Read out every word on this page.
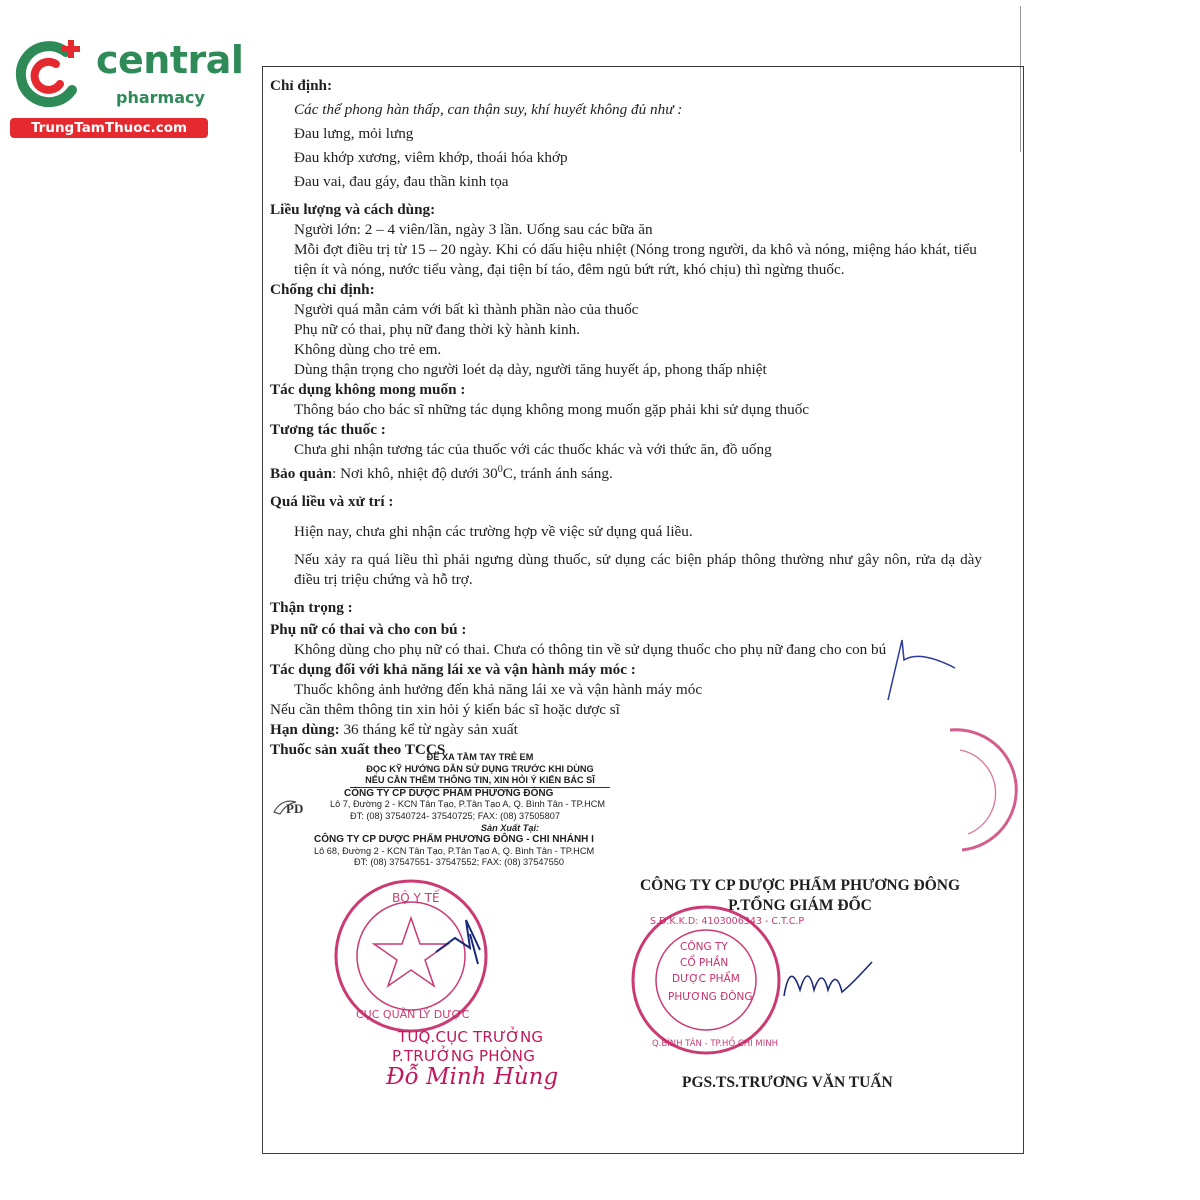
central
pharmacy
TrungTamThuoc.com
Chỉ định:
Các thể phong hàn thấp, can thận suy, khí huyết không đủ như :
Đau lưng, mỏi lưng
Đau khớp xương, viêm khớp, thoái hóa khớp
Đau vai, đau gáy, đau thần kinh tọa
Liều lượng và cách dùng:
Người lớn: 2 – 4 viên/lần, ngày 3 lần. Uống sau các bữa ăn
Mỗi đợt điều trị từ 15 – 20 ngày. Khi có dấu hiệu nhiệt (Nóng trong người, da khô và nóng, miệng háo khát, tiểu tiện ít và nóng, nước tiểu vàng, đại tiện bí táo, đêm ngủ bứt rứt, khó chịu) thì ngừng thuốc.
Chống chỉ định:
Người quá mẫn cảm với bất kì thành phần nào của thuốc
Phụ nữ có thai, phụ nữ đang thời kỳ hành kinh.
Không dùng cho trẻ em.
Dùng thận trọng cho người loét dạ dày, người tăng huyết áp, phong thấp nhiệt
Tác dụng không mong muốn :
Thông báo cho bác sĩ những tác dụng không mong muốn gặp phải khi sử dụng thuốc
Tương tác thuốc :
Chưa ghi nhận tương tác của thuốc với các thuốc khác và với thức ăn, đồ uống
Bảo quản: Nơi khô, nhiệt độ dưới $30^0C$, tránh ánh sáng.
Quá liều và xử trí :
Hiện nay, chưa ghi nhận các trường hợp về việc sử dụng quá liều.
Nếu xảy ra quá liều thì phải ngưng dùng thuốc, sử dụng các biện pháp thông thường như gây nôn, rửa dạ dày điều trị triệu chứng và hỗ trợ.
Thận trọng :
Phụ nữ có thai và cho con bú :
Không dùng cho phụ nữ có thai. Chưa có thông tin về sử dụng thuốc cho phụ nữ đang cho con bú
Tác dụng đối với khả năng lái xe và vận hành máy móc :
Thuốc không ảnh hưởng đến khả năng lái xe và vận hành máy móc
Nếu cần thêm thông tin xin hỏi ý kiến bác sĩ hoặc dược sĩ
Hạn dùng: 36 tháng kể từ ngày sản xuất
Thuốc sản xuất theo TCCS
PD
ĐỂ XA TẦM TAY TRẺ EM
ĐỌC KỸ HƯỚNG DẪN SỬ DỤNG TRƯỚC KHI DÙNG
NẾU CẦN THÊM THÔNG TIN, XIN HỎI Ý KIẾN BÁC SĨ
CÔNG TY CP DƯỢC PHẨM PHƯƠNG ĐÔNG
Lô 7, Đường 2 - KCN Tân Tạo, P.Tân Tạo A, Q. Bình Tân - TP.HCM
ĐT: (08) 37540724- 37540725; FAX: (08) 37505807
Sản Xuất Tại:
CÔNG TY CP DƯỢC PHẨM PHƯƠNG ĐÔNG - CHI NHÁNH I
Lô 68, Đường 2 - KCN Tân Tạo, P.Tân Tạo A, Q. Bình Tân - TP.HCM
ĐT: (08) 37547551- 37547552; FAX: (08) 37547550
CÔNG TY CP DƯỢC PHẨM PHƯƠNG ĐÔNG
P.TỔNG GIÁM ĐỐC
PGS.TS.TRƯƠNG VĂN TUẤN
TUQ.CỤC TRƯỞNG
P.TRƯỞNG PHÒNG
Đỗ Minh Hùng
BỘ Y TẾ
CỤC QUẢN LÝ DƯỢC
S.Đ.K.K.D: 4103006343 - C.T.C.P
Q.BÌNH TÂN - TP.HỒ CHÍ MINH
CÔNG TY
CỔ PHẦN
DƯỢC PHẨM
PHƯƠNG ĐÔNG
